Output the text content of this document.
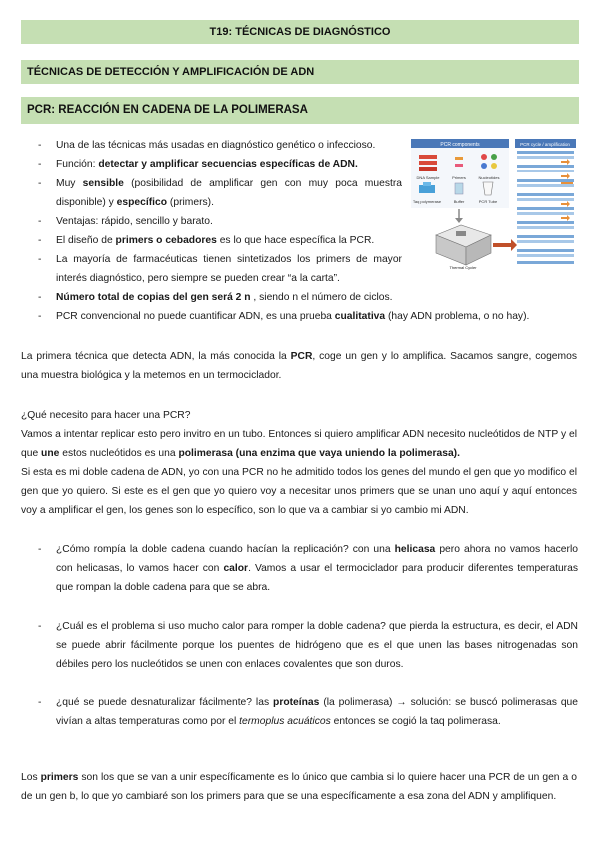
T19: TÉCNICAS DE DIAGNÓSTICO
TÉCNICAS DE DETECCIÓN Y AMPLIFICACIÓN DE ADN
PCR: REACCIÓN EN CADENA DE LA POLIMERASA
- Una de las técnicas más usadas en diagnóstico genético o infeccioso.
- Función: detectar y amplificar secuencias específicas de ADN.
- Muy sensible (posibilidad de amplificar gen con muy poca muestra disponible) y específico (primers).
- Ventajas: rápido, sencillo y barato.
- El diseño de primers o cebadores es lo que hace específica la PCR.
- La mayoría de farmacéuticas tienen sintetizados los primers de mayor interés diagnóstico, pero siempre se pueden crear “a la carta”.
- Número total de copias del gen será 2 n , siendo n el número de ciclos.
- PCR convencional no puede cuantificar ADN, es una prueba cualitativa (hay ADN problema, o no hay).
PCR components
DNA Sample	Primers	Nucleotides
Taq polymerase	Buffer	PCR Tube
Thermal Cycler
PCR cycle / amplification

La primera técnica que detecta ADN, la más conocida la PCR, coge un gen y lo amplifica. Sacamos sangre, cogemos una muestra biológica y la metemos en un termociclador.

¿Qué necesito para hacer una PCR?

Vamos a intentar replicar esto pero invitro en un tubo. Entonces si quiero amplificar ADN necesito nucleótidos de NTP y el que une estos nucleótidos es una polimerasa (una enzima que vaya uniendo la polimerasa).

Si esta es mi doble cadena de ADN, yo con una PCR no he admitido todos los genes del mundo el gen que yo modifico el gen que yo quiero. Si este es el gen que yo quiero voy a necesitar unos primers que se unan uno aquí y aquí entonces voy a amplificar el gen, los genes son lo específico, son lo que va a cambiar si yo cambio mi ADN.

- ¿Cómo rompía la doble cadena cuando hacían la replicación? con una helicasa pero ahora no vamos hacerlo con helicasas, lo vamos hacer con calor. Vamos a usar el termociclador para producir diferentes temperaturas que rompan la doble cadena para que se abra.
- ¿Cuál es el problema si uso mucho calor para romper la doble cadena? que pierda la estructura, es decir, el ADN se puede abrir fácilmente porque los puentes de hidrógeno que es el que unen las bases nitrogenadas son débiles pero los nucleótidos se unen con enlaces covalentes que son duros.
- ¿qué se puede desnaturalizar fácilmente? las proteínas (la polimerasa) → solución: se buscó polimerasas que vivían a altas temperaturas como por el termoplus acuáticos entonces se cogió la taq polimerasa.

Los primers son los que se van a unir específicamente es lo único que cambia si lo quiere hacer una PCR de un gen a o de un gen b, lo que yo cambiaré son los primers para que se una específicamente a esa zona del ADN y amplifiquen.
